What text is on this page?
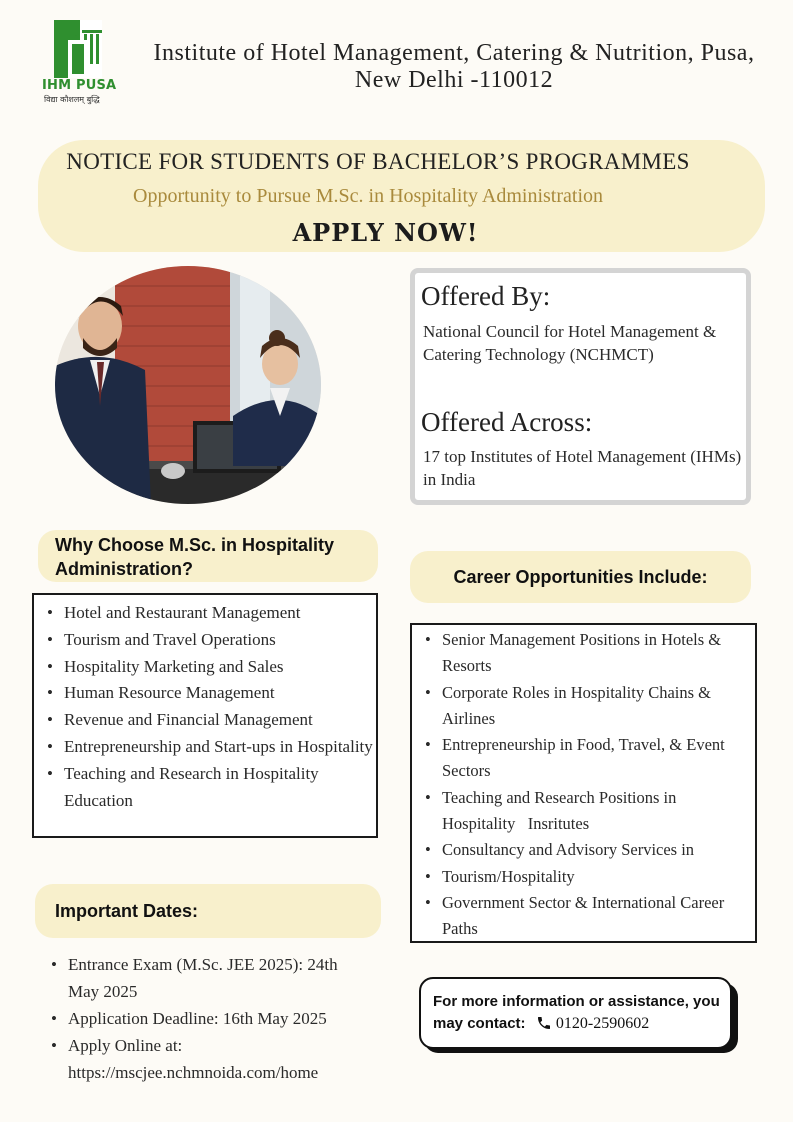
IHM PUSA
विद्या कौशलम् बुद्धि
Institute of Hotel Management, Catering & Nutrition, Pusa,
New Delhi -110012
NOTICE FOR STUDENTS OF BACHELOR’S PROGRAMMES
Opportunity to Pursue M.Sc. in Hospitality Administration
APPLY NOW!
Offered By:
National Council for Hotel Management & Catering Technology (NCHMCT)
Offered Across:
17 top Institutes of Hotel Management (IHMs) in India
Why Choose M.Sc. in Hospitality Administration?
• Hotel and Restaurant Management
• Tourism and Travel Operations
• Hospitality Marketing and Sales
• Human Resource Management
• Revenue and Financial Management
• Entrepreneurship and Start-ups in Hospitality
• Teaching and Research in Hospitality Education
Career Opportunities Include:
• Senior Management Positions in Hotels & Resorts
• Corporate Roles in Hospitality Chains & Airlines
• Entrepreneurship in Food, Travel, & Event Sectors
• Teaching and Research Positions in Hospitality   Insritutes
• Consultancy and Advisory Services in
• Tourism/Hospitality
• Government Sector & International Career Paths
Important Dates:
• Entrance Exam (M.Sc. JEE 2025): 24th May 2025
• Application Deadline: 16th May 2025
• Apply Online at: https://mscjee.nchmnoida.com/home
For more information or assistance, you may contact: 0120-2590602
